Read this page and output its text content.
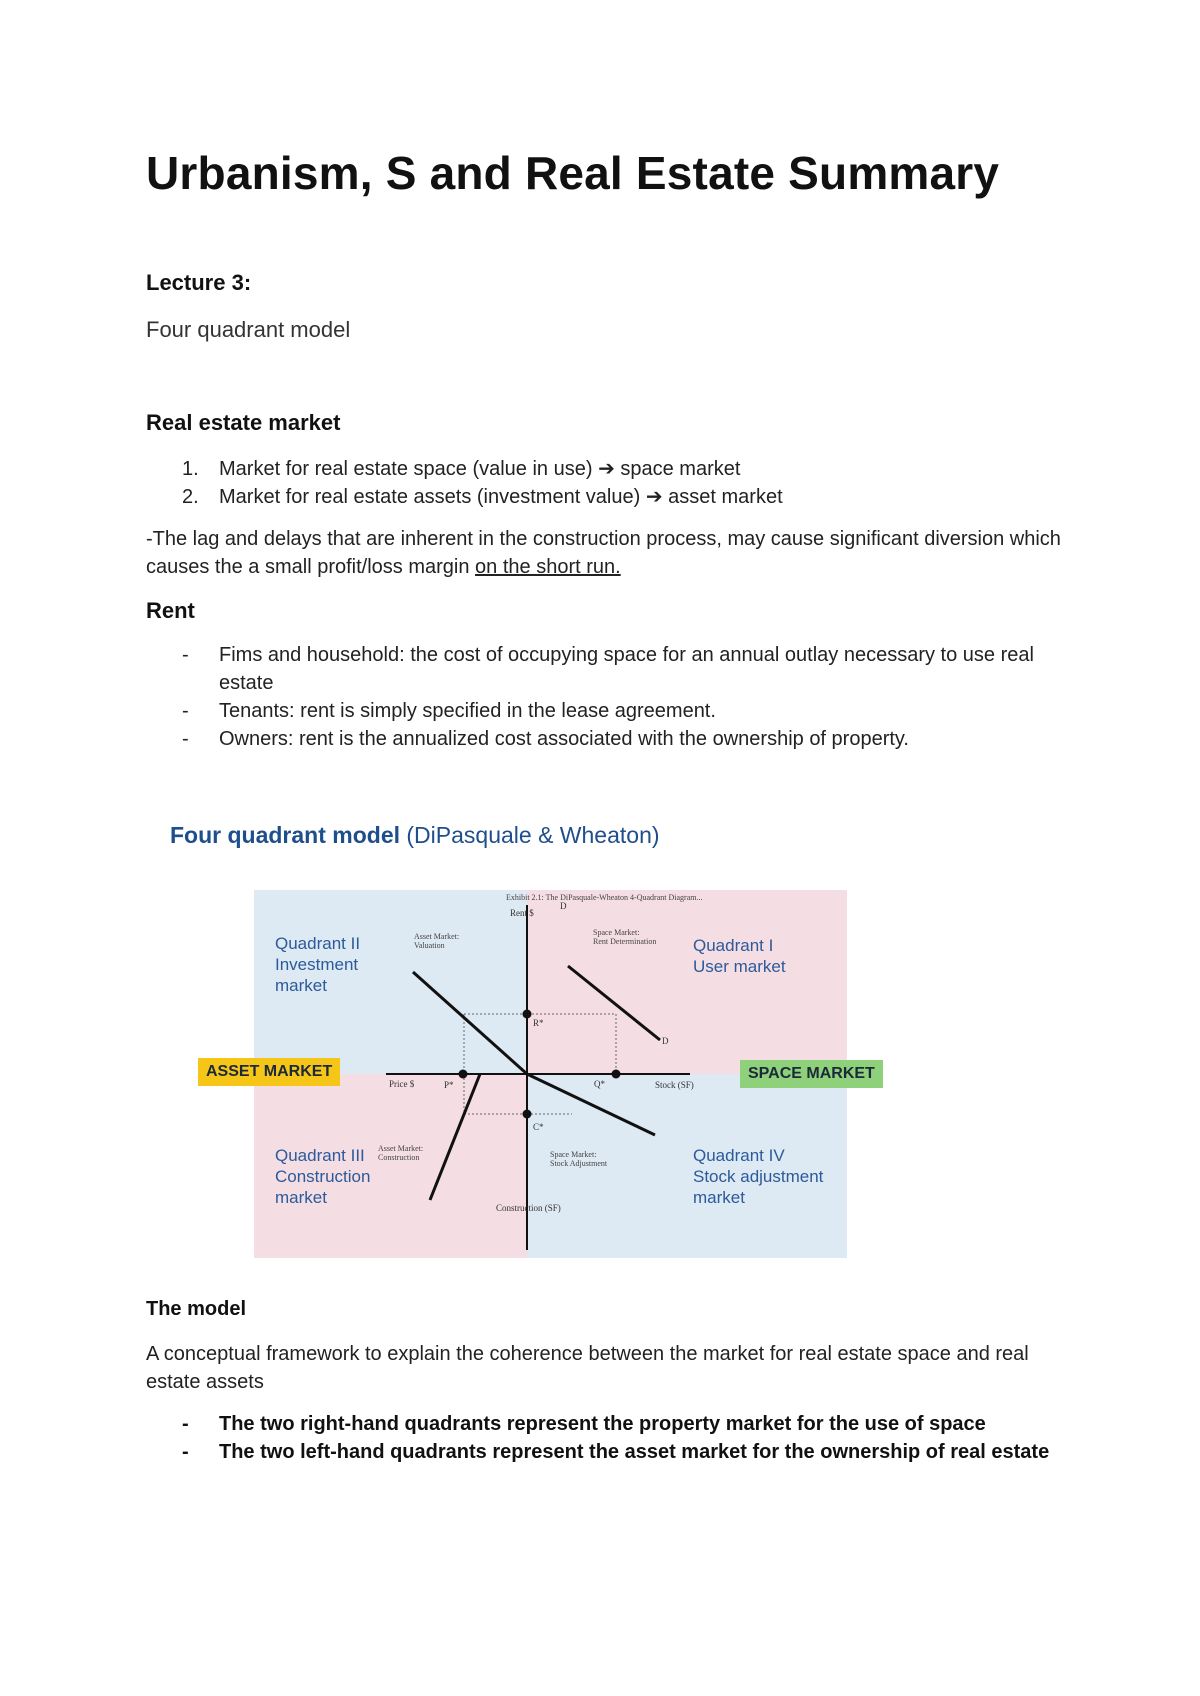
Urbanism, S and Real Estate Summary
Lecture 3:
Four quadrant model
Real estate market
1. Market for real estate space (value in use) ➔ space market
2. Market for real estate assets (investment value) ➔ asset market
-The lag and delays that are inherent in the construction process, may cause significant diversion which causes the a small profit/loss margin on the short run.
Rent
- Fims and household: the cost of occupying space for an annual outlay necessary to use real estate
- Tenants: rent is simply specified in the lease agreement.
- Owners: rent is the annualized cost associated with the ownership of property.
Four quadrant model (DiPasquale & Wheaton)
Quadrant II
Investment
market
Quadrant I
User market
Quadrant III
Construction
market
Quadrant IV
Stock adjustment
market
ASSET MARKET	SPACE MARKET
Exhibit 2.1: The DiPasquale-Wheaton 4-Quadrant Diagram...
Rent $
D
D
R*
P*	Q*
C*
Price $	Stock (SF)
Construction (SF)
Asset Market:
Valuation
Space Market:
Rent Determination
Asset Market:
Construction	Space Market:
Stock Adjustment
The model
A conceptual framework to explain the coherence between the market for real estate space and real estate assets
- The two right-hand quadrants represent the property market for the use of space
- The two left-hand quadrants represent the asset market for the ownership of real estate
